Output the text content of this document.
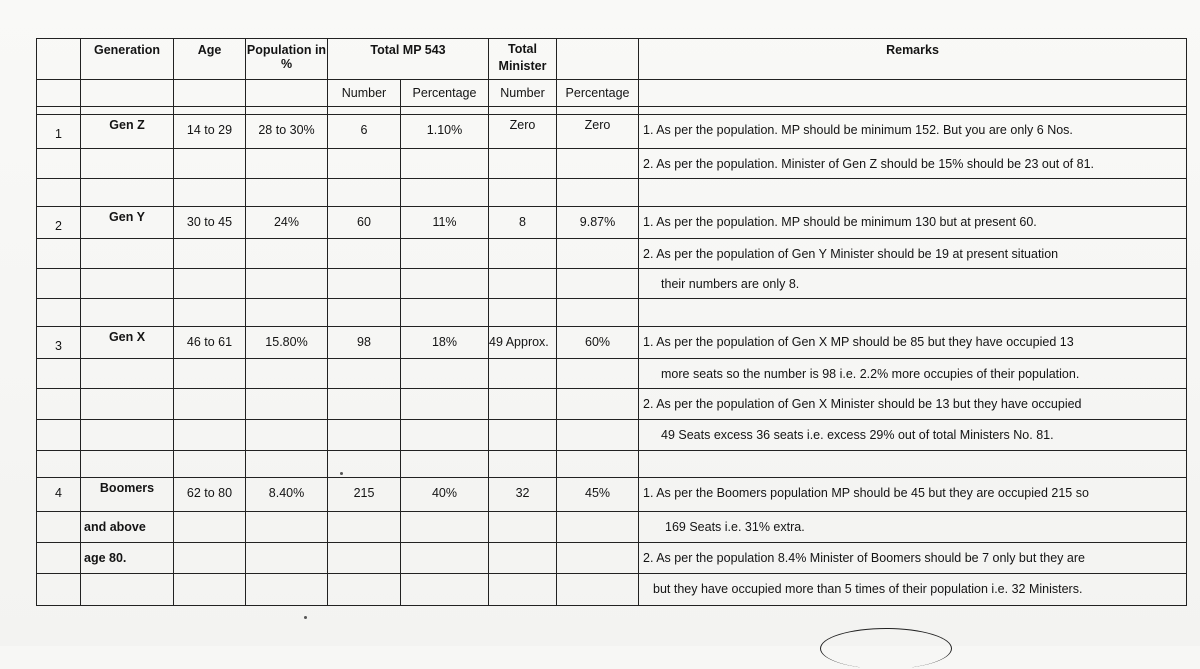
	Generation	Age	Population in %	Total MP 543		Total Minister		Remarks
				Number	Percentage	Number	Percentage	

1	Gen Z	14 to 29	28 to 30%	6	1.10%	Zero	Zero	1. As per the population. MP should be minimum 152. But you are only 6 Nos.
								2. As per the population. Minister of Gen Z should be 15% should be 23 out of 81.

2	Gen Y	30 to 45	24%	60	11%	8	9.87%	1. As per the population. MP should be minimum 130 but at present 60.
								2. As per the population of Gen Y Minister should be 19 at present situation
								their numbers are only 8.

3	Gen X	46 to 61	15.80%	98	18%	49 Approx.	60%	1. As per the population of Gen X MP should be 85 but they have occupied 13
								more seats so the number is 98 i.e. 2.2% more occupies of their population.
								2. As per the population of Gen X Minister should be 13 but they have occupied
								49 Seats excess 36 seats i.e. excess 29% out of total Ministers No. 81.

4	Boomers	62 to 80	8.40%	215	40%	32	45%	1. As per the Boomers population MP should be 45 but they are occupied 215 so
	and above							169 Seats i.e. 31% extra.
	age 80.							2. As per the population 8.4% Minister of Boomers should be 7 only but they are
								but they have occupied more than 5 times of their population i.e. 32 Ministers.
